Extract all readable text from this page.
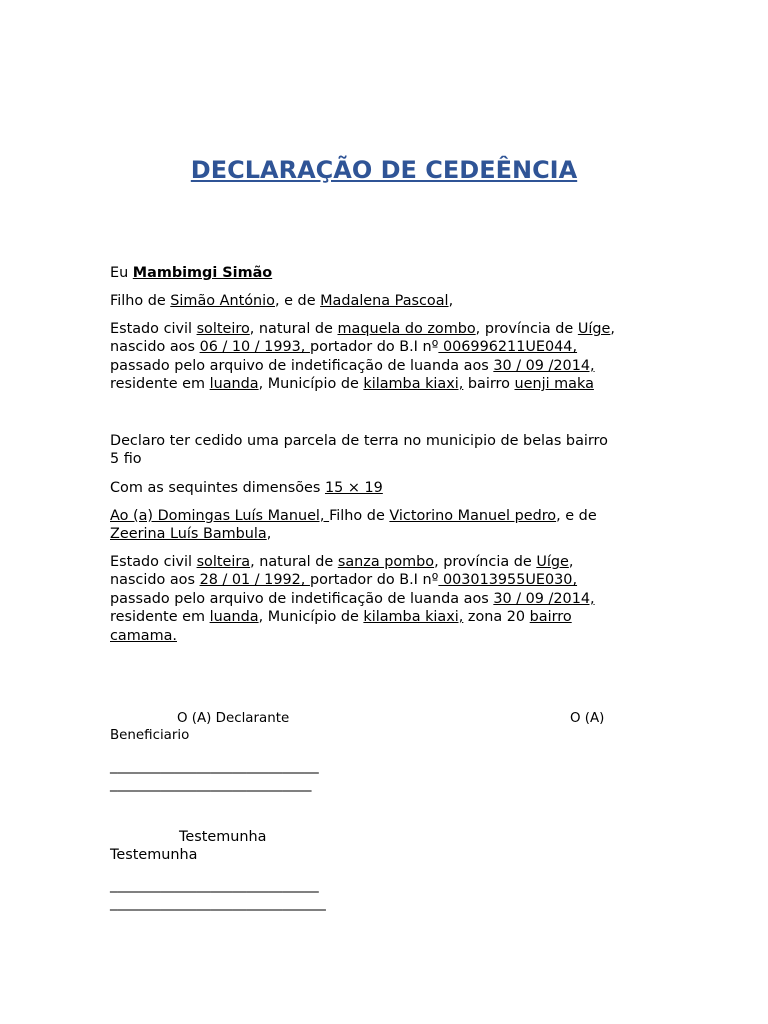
DECLARAÇÃO DE CEDEÊNCIA
Eu Mambimgi Simão
Filho de Simão António, e de Madalena Pascoal,
Estado civil solteiro, natural de maquela do zombo, província de Uíge,
nascido aos 06 / 10 / 1993, portador do B.I nº 006996211UE044,
passado pelo arquivo de indetificação de luanda aos 30 / 09 /2014,
residente em luanda, Município de kilamba kiaxi, bairro uenji maka
Declaro ter cedido uma parcela de terra no municipio de belas bairro
5 fio
Com as sequintes dimensões 15 × 19
Ao (a) Domingas Luís Manuel, Filho de Victorino Manuel pedro, e de
Zeerina Luís Bambula,
Estado civil solteira, natural de sanza pombo, província de Uíge,
nascido aos 28 / 01 / 1992, portador do B.I nº 003013955UE030,
passado pelo arquivo de indetificação de luanda aos 30 / 09 /2014,
residente em luanda, Município de kilamba kiaxi, zona 20 bairro
camama.
O (A) Declarante	O (A)
Beneficiario
_____________________________
____________________________
Testemunha
Testemunha
_____________________________
______________________________
